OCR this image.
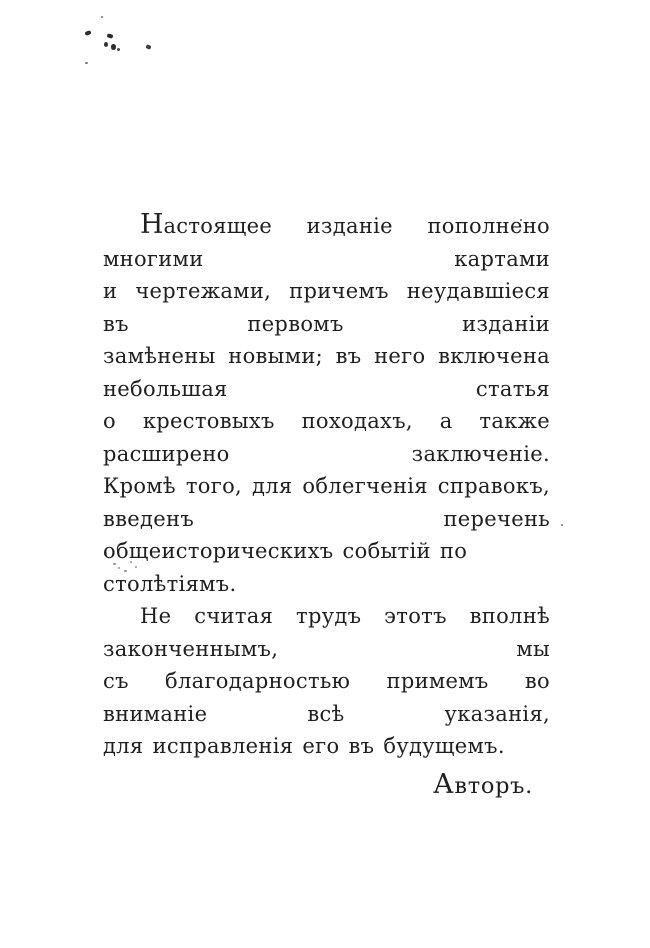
Настоящее изданіе пополнено многими картами

и чертежами, причемъ неудавшіеся въ первомъ изданіи

замѣнены новыми; въ него включена небольшая статья

о крестовыхъ походахъ, а также расширено заключеніе.

Кромѣ того, для облегченія справокъ, введенъ перечень

общеисторическихъ событій по столѣтіямъ.

Не считая трудъ этотъ вполнѣ законченнымъ, мы

съ благодарностью примемъ во вниманіе всѣ указанія,

для исправленія его въ будущемъ.

Авторъ.
